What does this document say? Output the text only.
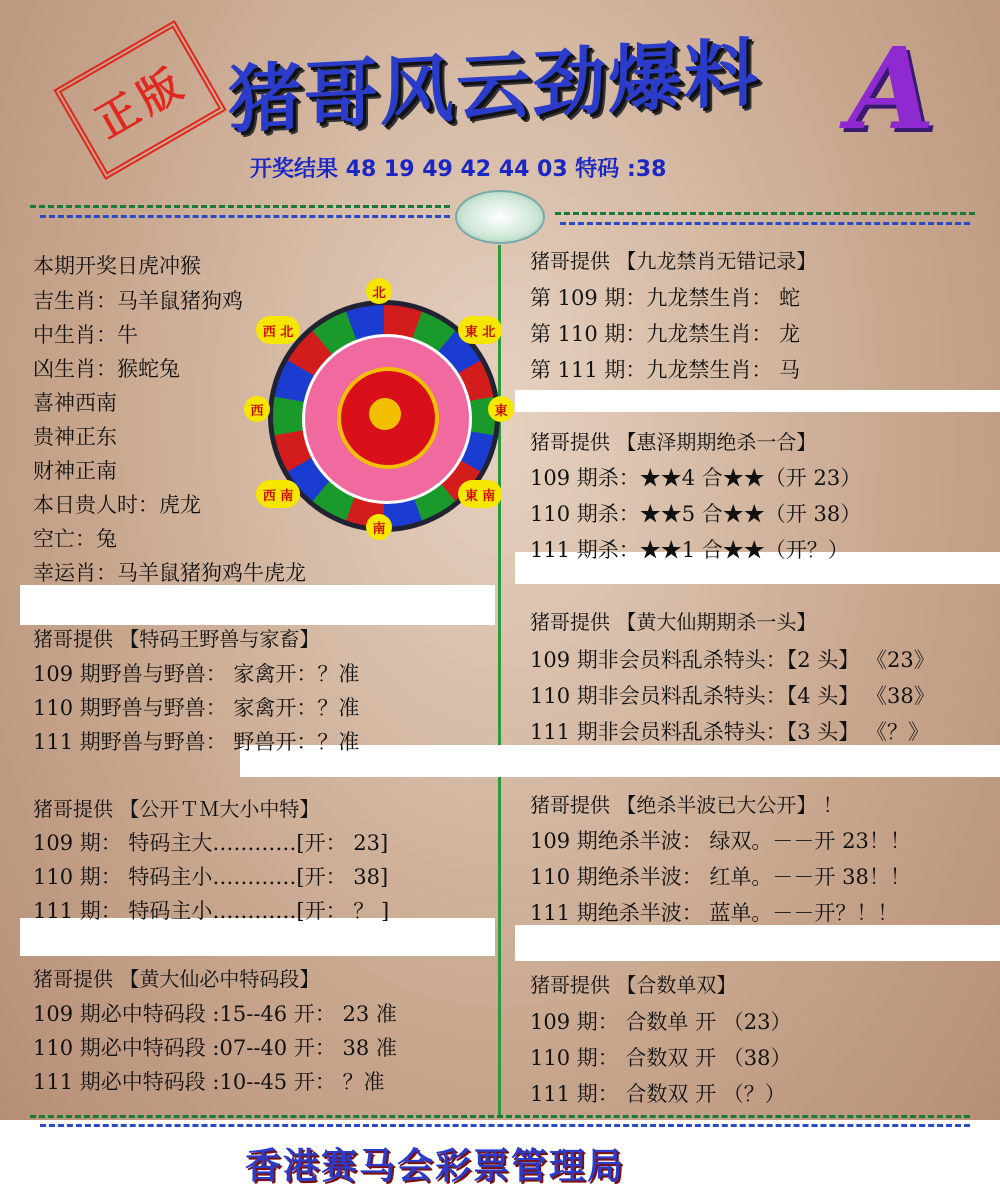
正版 猪哥风云劲爆料 A
开奖结果 48 19 49 42 44 03 特码 :38
本期开奖日虎冲猴
吉生肖：马羊鼠猪狗鸡
中生肖：牛
凶生肖：猴蛇兔
喜神西南
贵神正东
财神正南
本日贵人时：虎龙
空亡：兔
幸运肖：马羊鼠猪狗鸡牛虎龙
北
南
東
西
西 北	東 北
西 南	東 南
猪哥提供 【九龙禁肖无错记录】
第 109 期：九龙禁生肖： 蛇
第 110 期：九龙禁生肖： 龙
第 111 期：九龙禁生肖： 马
猪哥提供 【惠泽期期绝杀一合】
109 期杀：★★4 合★★（开 23）
110 期杀：★★5 合★★（开 38）
111 期杀：★★1 合★★（开？）
猪哥提供 【黄大仙期期杀一头】
109 期非会员料乱杀特头：【2 头】 《23》
110 期非会员料乱杀特头：【4 头】 《38》
111 期非会员料乱杀特头：【3 头】 《？》
猪哥提供 【绝杀半波已大公开】 ！
109 期绝杀半波： 绿双。－－开 23！！
110 期绝杀半波： 红单。－－开 38！！
111 期绝杀半波： 蓝单。－－开？！！
猪哥提供 【合数单双】
109 期： 合数单 开 （23）
110 期： 合数双 开 （38）
111 期： 合数双 开 （？）
猪哥提供 【特码王野兽与家畜】
109 期野兽与野兽： 家禽开：？准
110 期野兽与野兽： 家禽开：？准
111 期野兽与野兽： 野兽开：？准
猪哥提供 【公开ＴＭ大小中特】
109 期： 特码主大…………[开： 23]
110 期： 特码主小…………[开： 38]
111 期： 特码主小…………[开： ？ ]
猪哥提供 【黄大仙必中特码段】
109 期必中特码段 :15--46 开： 23 准
110 期必中特码段 :07--40 开： 38 准
111 期必中特码段 :10--45 开： ？准
香港赛马会彩票管理局
